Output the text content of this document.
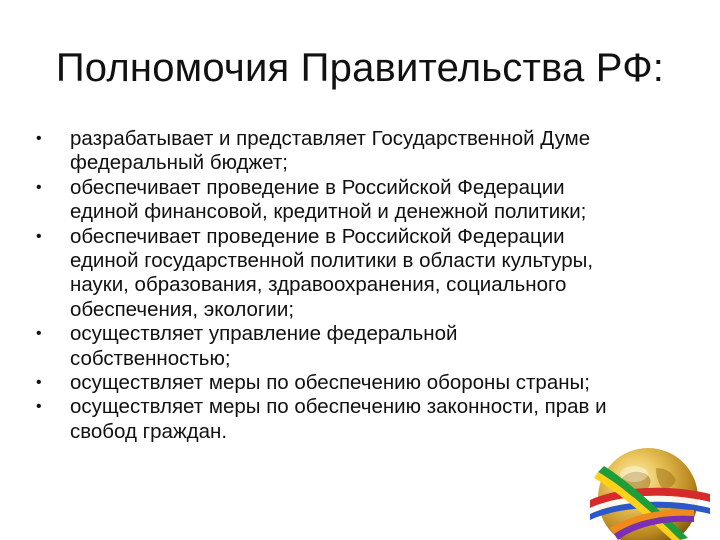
Полномочия Правительства РФ:
•	разрабатывает и представляет Государственной Думе
федеральный бюджет;
•	обеспечивает проведение в Российской Федерации
единой финансовой, кредитной и денежной политики;
•	обеспечивает проведение в Российской Федерации
единой государственной политики в области культуры,
науки, образования, здравоохранения, социального
обеспечения, экологии;
•	осуществляет управление федеральной
собственностью;
•	осуществляет меры по обеспечению обороны страны;
•	осуществляет меры по обеспечению законности, прав и
свобод граждан.
